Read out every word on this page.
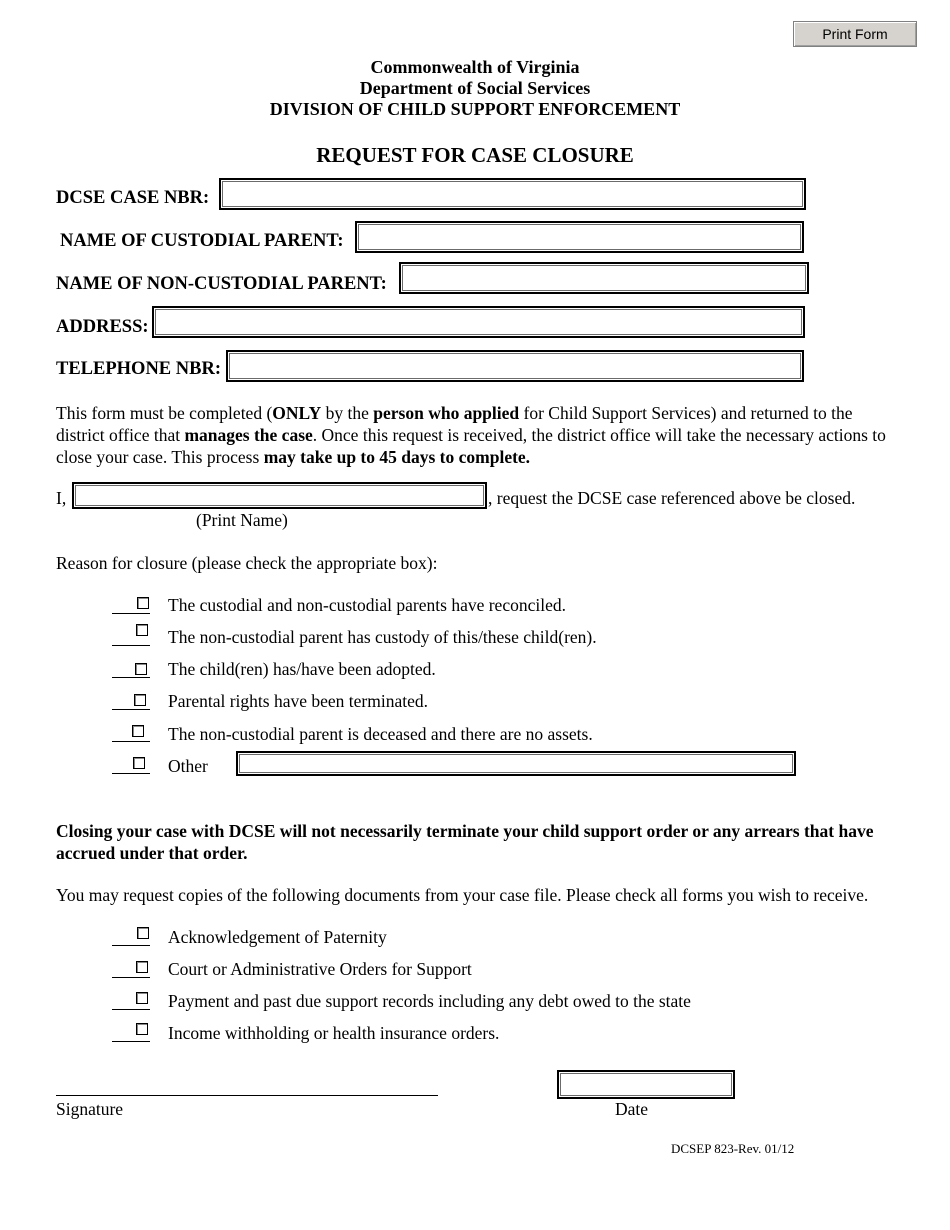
Print Form
Commonwealth of Virginia
Department of Social Services
DIVISION OF CHILD SUPPORT ENFORCEMENT
REQUEST FOR CASE CLOSURE
DCSE CASE NBR:
NAME OF CUSTODIAL PARENT:
NAME OF NON-CUSTODIAL PARENT:
ADDRESS:
TELEPHONE NBR:
This form must be completed (ONLY by the person who applied for Child Support Services) and returned to the district office that manages the case. Once this request is received, the district office will take the necessary actions to close your case. This process may take up to 45 days to complete.
I,	, request the DCSE case referenced above be closed.
(Print Name)
Reason for closure (please check the appropriate box):
The custodial and non-custodial parents have reconciled.
The non-custodial parent has custody of this/these child(ren).
The child(ren) has/have been adopted.
Parental rights have been terminated.
The non-custodial parent is deceased and there are no assets.
Other
Closing your case with DCSE will not necessarily terminate your child support order or any arrears that have accrued under that order.
You may request copies of the following documents from your case file. Please check all forms you wish to receive.
Acknowledgement of Paternity
Court or Administrative Orders for Support
Payment and past due support records including any debt owed to the state
Income withholding or health insurance orders.
Signature	Date
DCSEP 823-Rev. 01/12
